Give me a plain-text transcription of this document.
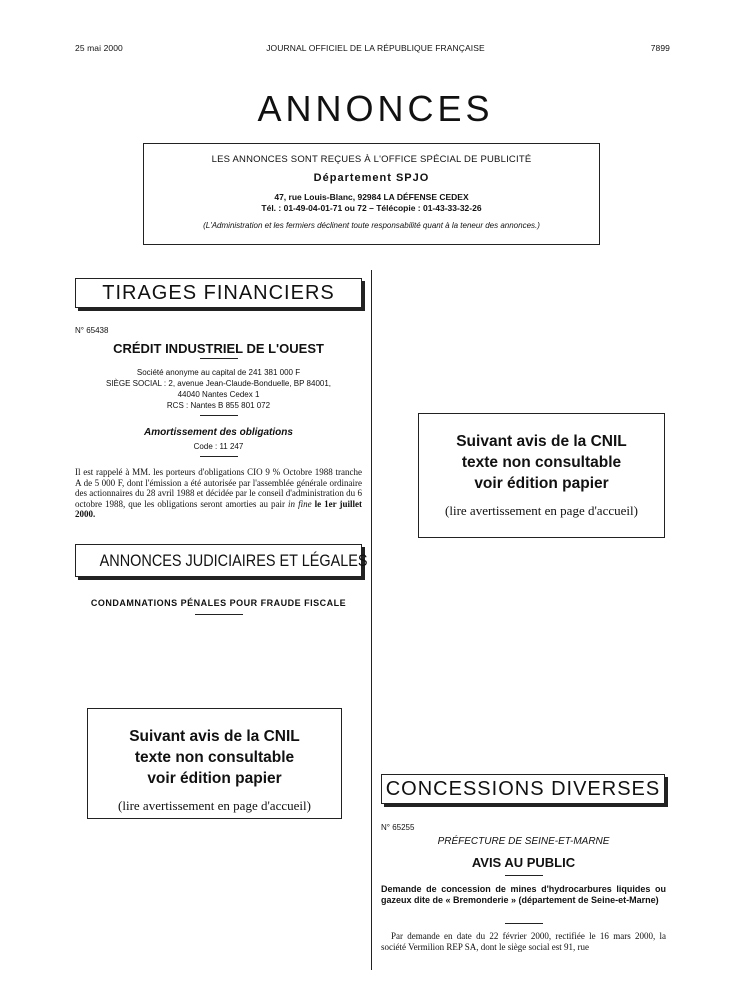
25 mai 2000	JOURNAL OFFICIEL DE LA RÉPUBLIQUE FRANÇAISE	7899
ANNONCES
LES ANNONCES SONT REÇUES À L'OFFICE SPÉCIAL DE PUBLICITÉ
Département SPJO
47, rue Louis-Blanc, 92984 LA DÉFENSE CEDEX
Tél. : 01-49-04-01-71 ou 72 – Télécopie : 01-43-33-32-26
(L'Administration et les fermiers déclinent toute responsabilité quant à la teneur des annonces.)
TIRAGES FINANCIERS
N° 65438
CRÉDIT INDUSTRIEL DE L'OUEST
Société anonyme au capital de 241 381 000 F
SIÈGE SOCIAL : 2, avenue Jean-Claude-Bonduelle, BP 84001,
44040 Nantes Cedex 1
RCS : Nantes B 855 801 072
Amortissement des obligations
Code : 11 247
Il est rappelé à MM. les porteurs d'obligations CIO 9 % Octobre 1988 tranche A de 5 000 F, dont l'émission a été autorisée par l'assemblée générale ordinaire des actionnaires du 28 avril 1988 et décidée par le conseil d'administration du 6 octobre 1988, que les obligations seront amorties au pair in fine le 1er juillet 2000.
ANNONCES JUDICIAIRES ET LÉGALES
CONDAMNATIONS PÉNALES POUR FRAUDE FISCALE
Suivant avis de la CNIL
texte non consultable
voir édition papier
(lire avertissement en page d'accueil)
Suivant avis de la CNIL
texte non consultable
voir édition papier
(lire avertissement en page d'accueil)
CONCESSIONS DIVERSES
N° 65255
PRÉFECTURE DE SEINE-ET-MARNE
AVIS AU PUBLIC
Demande de concession de mines d'hydrocarbures liquides ou gazeux dite de « Bremonderie » (département de Seine-et-Marne)
Par demande en date du 22 février 2000, rectifiée le 16 mars 2000, la société Vermilion REP SA, dont le siège social est 91, rue
